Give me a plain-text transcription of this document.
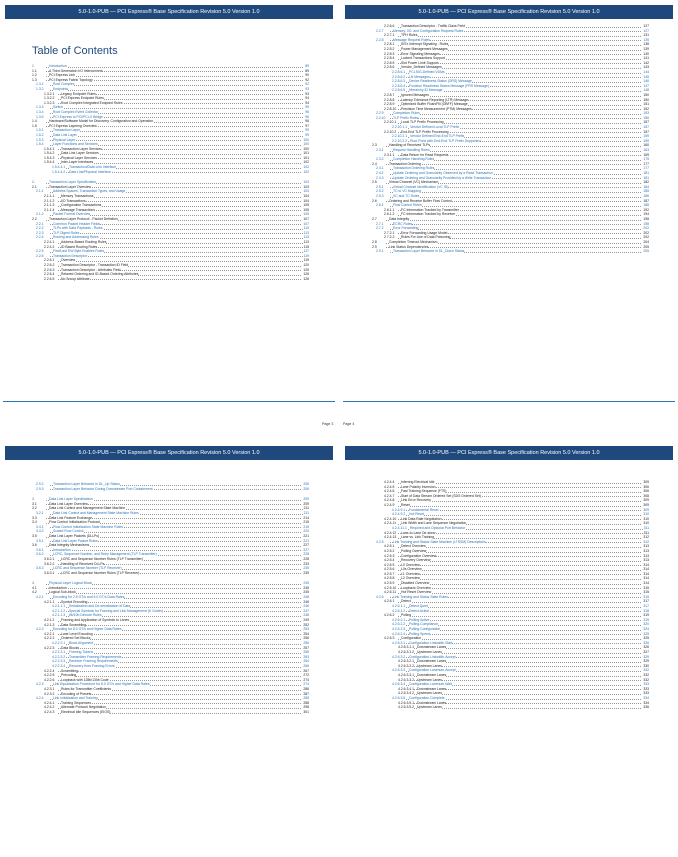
5.0-1.0-PUB — PCI Express® Base Specification Revision 5.0 Version 1.0
Table of Contents
1.	Introduction	89
1.1	A Third Generation I/O Interconnect	89
1.2	PCI Express Link	90
1.3	PCI Express Fabric Topology	92
1.3.1	Root Complex	92
1.3.2	Endpoints	93
1.3.2.1 Legacy Endpoint Rules	93
1.3.2.2 PCI Express Endpoint Rules	94
1.3.2.3 Root Complex Integrated Endpoint Rules	94
1.3.3	Switch	95
1.3.4	Root Complex Event Collector	96
1.3.5	PCI Express to PCI/PCI-X Bridge	96
1.4	Hardware/Software Model for Discovery, Configuration and Operation	96
1.5	PCI Express Layering Overview	97
1.5.1	Transaction Layer	99
1.5.2	Data Link Layer	99
1.5.3	Physical Layer	100
1.5.4	Layer Functions and Services	100
1.5.4.1 Transaction Layer Services	100
1.5.4.2 Data Link Layer Services	101
1.5.4.3 Physical Layer Services	101
1.5.4.4 Inter-Layer Interfaces	102
1.5.4.4.1 Transaction/Data Link Interface	102
1.5.4.4.2 Data Link/Physical Interface	102
2.	Transaction Layer Specification	103
2.1	Transaction Layer Overview	103
2.1.1	Address Spaces, Transaction Types, and Usage	104
2.1.1.1 Memory Transactions	104
2.1.1.2 I/O Transactions	104
2.1.1.3 Configuration Transactions	105
2.1.1.4 Message Transactions	105
2.1.2	Packet Format Overview	105
2.2	Transaction Layer Protocol - Packet Definition	107
2.2.1	Common Packet Header Fields	107
2.2.2	TLPs with Data Payloads - Rules	110
2.2.3	TLP Digest Rules	113
2.2.4	Routing and Addressing Rules	113
2.2.4.1 Address-Based Routing Rules	113
2.2.4.2 ID Based Routing Rules	115
2.2.5	First/Last DW Byte Enables Rules	117
2.2.6	Transaction Descriptor	119
2.2.6.1 Overview	119
2.2.6.2 Transaction Descriptor - Transaction ID Field	120
2.2.6.3 Transaction Descriptor - Attributes Field	125
2.2.6.4 Relaxed Ordering and ID-Based Ordering Attributes	126
2.2.6.5 No Snoop Attribute	126
5.0-1.0-PUB — PCI Express® Base Specification Revision 5.0 Version 1.0
2.2.6.6 Transaction Descriptor - Traffic Class Field	127
2.2.7	Memory, I/O, and Configuration Request Rules	127
2.2.7.1 TPH Rules	131
2.2.8	Message Request Rules	135
2.2.8.1 INTx Interrupt Signaling - Rules	138
2.2.8.2 Power Management Messages	139
2.2.8.3 Error Signaling Messages	140
2.2.8.4 Locked Transactions Support	141
2.2.8.5 Slot Power Limit Support	142
2.2.8.6 Vendor_Defined Messages	143
2.2.8.6.1 PCI-SIG-Defined VDMs	144
2.2.8.6.2 LN Messages	145
2.2.8.6.3 Device Readiness Status (DRS) Message	146
2.2.8.6.4 Function Readiness Status Message (FRS Message)	147
2.2.8.6.5 Hierarchy ID Message	148
2.2.8.7 Ignored Messages	150
2.2.8.8 Latency Tolerance Reporting (LTR) Message	150
2.2.8.9 Optimized Buffer Flush/Fill (OBFF) Message	151
2.2.8.10 Precision Time Measurement (PTM) Messages	152
2.2.9	Completion Rules	153
2.2.10 TLP Prefix Rules	156
2.2.10.1 Local TLP Prefix Processing	157
2.2.10.1.1 Vendor Defined Local TLP Prefix	157
2.2.10.2 End-End TLP Prefix Processing	157
2.2.10.2.1 Vendor Defined End-End TLP Prefix	159
2.2.10.2.2 Root Ports with End-End TLP Prefix Supported	159
2.3	Handling of Received TLPs	160
2.3.1	Request Handling Rules	163
2.3.1.1 Data Return for Read Requests	169
2.3.2	Completion Handling Rules	175
2.4	Transaction Ordering	177
2.4.1	Transaction Ordering Rules	177
2.4.2	Update Ordering and Granularity Observed by a Read Transaction	181
2.4.3	Update Ordering and Granularity Provided by a Write Transaction	181
2.5	Virtual Channel (VC) Mechanism	182
2.5.1	Virtual Channel Identification (VC ID)	184
2.5.2	TC to VC Mapping	185
2.5.3	VC and TC Rules	186
2.6	Ordering and Receive Buffer Flow Control	187
2.6.1	Flow Control Rules	188
2.6.1.1 FC Information Tracked by Transmitter	192
2.6.1.2 FC Information Tracked by Receiver	194
2.7	Data Integrity	198
2.7.1	ECRC Rules	198
2.7.2	Error Forwarding	202
2.7.2.1 Error Forwarding Usage Model	202
2.7.2.2 Rules For Use of Data Poisoning	202
2.8	Completion Timeout Mechanism	204
2.9	Link Status Dependencies	205
2.9.1	Transaction Layer Behavior in DL_Down Status	205
Page 3	Page 4
5.0-1.0-PUB — PCI Express® Base Specification Revision 5.0 Version 1.0
2.9.2	Transaction Layer Behavior in DL_Up Status	206
2.9.3	Transaction Layer Behavior During Downstream Port Containment	206
3.	Data Link Layer Specification	209
3.1	Data Link Layer Overview	209
3.2	Data Link Control and Management State Machine	211
3.2.1	Data Link Control and Management State Machine Rules	211
3.3	Data Link Feature Exchange	214
3.4	Flow Control Initialization Protocol	215
3.4.1	Flow Control Initialization State Machine Rules	215
3.4.2	Scaled Flow Control	220
3.5	Data Link Layer Packets (DLLPs)	221
3.5.1	Data Link Layer Packet Rules	221
3.6	Data Integrity Mechanisms	227
3.6.1	Introduction	227
3.6.2	LCRC, Sequence Number, and Retry Management (TLP Transmitter)	228
3.6.2.1 LCRC and Sequence Number Rules (TLP Transmitter)	228
3.6.2.2 Handling of Received DLLPs	233
3.6.3	LCRC and Sequence Number (TLP Receiver)	235
3.6.3.1 LCRC and Sequence Number Rules (TLP Receiver)	239
4.	Physical Layer Logical Block	245
4.1	Introduction	245
4.2	Logical Sub-block	245
4.2.1	Encoding for 2.5 GT/s and 5.0 GT/s Data Rates	246
4.2.1.1 Symbol Encoding	246
4.2.1.1.1 Serialization and De-serialization of Data	246
4.2.1.1.2 Special Symbols for Framing and Link Management (K Codes)	247
4.2.1.1.3 8b/10b Decode Rules	248
4.2.1.2 Framing and Application of Symbols to Lanes	249
4.2.1.3 Data Scrambling	252
4.2.2	Encoding for 8.0 GT/s and Higher Data Rates	253
4.2.2.1 Lane Level Encoding	254
4.2.2.2 Ordered Set Blocks	256
4.2.2.2.1 Block Alignment	256
4.2.2.3 Data Blocks	257
4.2.2.3.1 Framing Tokens	258
4.2.2.3.2 Transmitter Framing Requirements	263
4.2.2.3.3 Receiver Framing Requirements	264
4.2.2.3.4 Recovery from Framing Errors	266
4.2.2.4 Scrambling	267
4.2.2.5 Precoding	272
4.2.2.6 Loopback with 128b/130b Code	274
4.2.3	Link Equalization Procedure for 8.0 GT/s and Higher Data Rates	274
4.2.3.1 Rules for Transmitter Coefficients	286
4.2.3.2 Encoding of Presets	287
4.2.4	Link Initialization and Training	288
4.2.4.1 Training Sequences	288
4.2.4.2 Alternate Protocol Negotiation	298
4.2.4.3 Electrical Idle Sequences (EIOS)	301
5.0-1.0-PUB — PCI Express® Base Specification Revision 5.0 Version 1.0
4.2.4.4 Inferring Electrical Idle	305
4.2.4.5 Lane Polarity Inversion	306
4.2.4.6 Fast Training Sequence (FTS)	306
4.2.4.7 Start of Data Stream Ordered Set (SDS Ordered Set)	308
4.2.4.8 Link Error Recovery	309
4.2.4.9 Reset	309
4.2.4.9.1 Fundamental Reset	309
4.2.4.9.2 Hot Reset	310
4.2.4.10 Link Data Rate Negotiation	310
4.2.4.11 Link Width and Lane Sequence Negotiation	310
4.2.4.11.1 Required and Optional Port Behavior	311
4.2.4.12 Lane-to-Lane De-skew	311
4.2.4.13 Lane vs. Link Training	312
4.2.5	Link Training and Status State Machine (LTSSM) Descriptions	312
4.2.5.1 Detect Overview	313
4.2.5.2 Polling Overview	313
4.2.5.3 Configuration Overview	313
4.2.5.4 Recovery Overview	313
4.2.5.5 L0 Overview	314
4.2.5.6 L0s Overview	314
4.2.5.7 L1 Overview	314
4.2.5.8 L2 Overview	314
4.2.5.9 Disabled Overview	314
4.2.5.10 Loopback Overview	315
4.2.5.11 Hot Reset Overview	315
4.2.6	Link Training and Status State Rules	315
4.2.6.1 Detect	317
4.2.6.1.1 Detect.Quiet	317
4.2.6.1.2 Detect.Active	318
4.2.6.2 Polling	319
4.2.6.2.1 Polling.Active	319
4.2.6.2.2 Polling.Compliance	320
4.2.6.2.3 Polling.Configuration	324
4.2.6.2.4 Polling.Speed	325
4.2.6.3 Configuration	325
4.2.6.3.1 Configuration.Linkwidth.Start	326
4.2.6.3.1.1 Downstream Lanes	326
4.2.6.3.1.2 Upstream Lanes	327
4.2.6.3.2 Configuration.Linkwidth.Accept	329
4.2.6.3.2.1 Downstream Lanes	329
4.2.6.3.2.2 Upstream Lanes	330
4.2.6.3.3 Configuration.Lanenum.Accept	332
4.2.6.3.3.1 Downstream Lanes	332
4.2.6.3.3.2 Upstream Lanes	332
4.2.6.3.4 Configuration.Lanenum.Wait	333
4.2.6.3.4.1 Downstream Lanes	333
4.2.6.3.4.2 Upstream Lanes	333
4.2.6.3.5 Configuration.Complete	334
4.2.6.3.5.1 Downstream Lanes	334
4.2.6.3.5.2 Upstream Lanes	336
